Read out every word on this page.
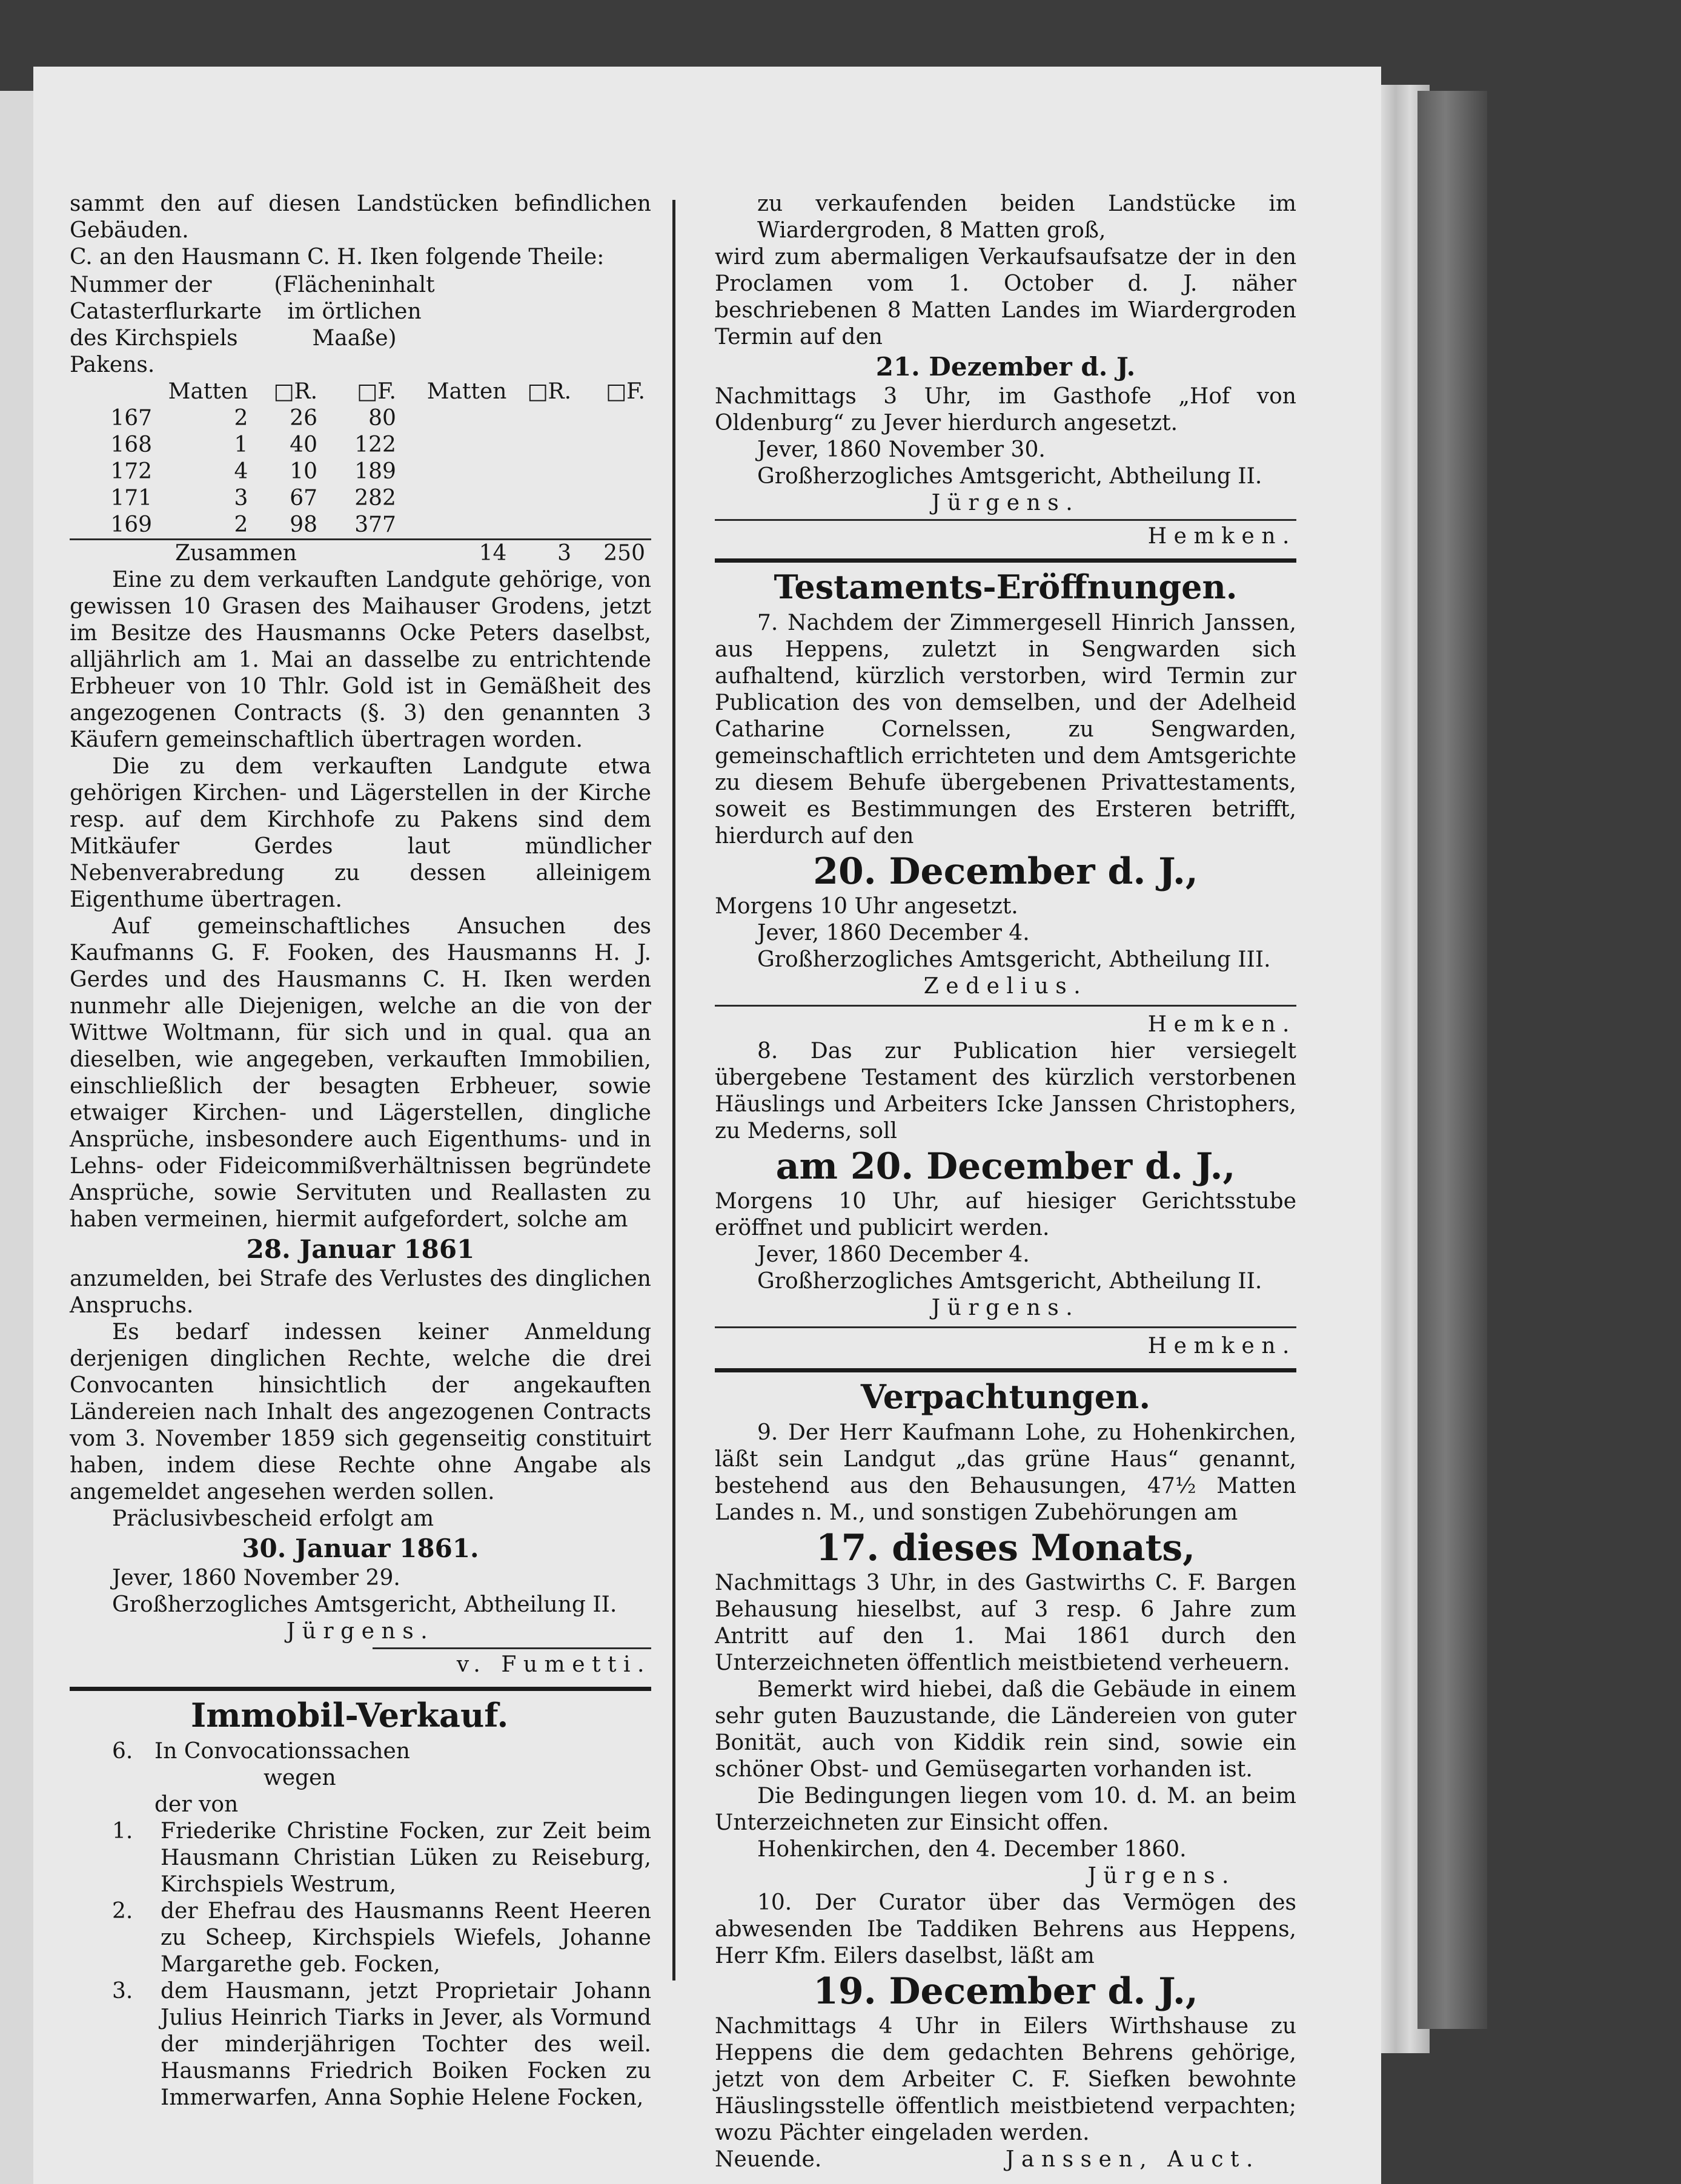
sammt den auf diesen Landstücken befindlichen Gebäuden.

C. an den Hausmann C. H. Iken folgende Theile:

Nummer der Catasterflurkarte des Kirchspiels Pakens.
(Flächeninhalt im örtlichen Maaße)
	Matten	□R.	□F.	Matten	□R.	□F.
167	2	26	80			
168	1	40	122			
172	4	10	189			
171	3	67	282			
169	2	98	377			
Zusammen				14	3	250

Eine zu dem verkauften Landgute gehörige, von gewissen 10 Grasen des Maihauser Grodens, jetzt im Besitze des Hausmanns Ocke Peters daselbst, alljährlich am 1. Mai an dasselbe zu entrichtende Erbheuer von 10 Thlr. Gold ist in Gemäßheit des angezogenen Contracts (§. 3) den genannten 3 Käufern gemeinschaftlich übertragen worden.

Die zu dem verkauften Landgute etwa gehörigen Kirchen- und Lägerstellen in der Kirche resp. auf dem Kirchhofe zu Pakens sind dem Mitkäufer Gerdes laut mündlicher Nebenverabredung zu dessen alleinigem Eigenthume übertragen.

Auf gemeinschaftliches Ansuchen des Kaufmanns G. F. Fooken, des Hausmanns H. J. Gerdes und des Hausmanns C. H. Iken werden nunmehr alle Diejenigen, welche an die von der Wittwe Woltmann, für sich und in qual. qua an dieselben, wie angegeben, verkauften Immobilien, einschließlich der besagten Erbheuer, sowie etwaiger Kirchen- und Lägerstellen, dingliche Ansprüche, insbesondere auch Eigenthums- und in Lehns- oder Fideicommißverhältnissen begründete Ansprüche, sowie Servituten und Reallasten zu haben vermeinen, hiermit aufgefordert, solche am

28. Januar 1861

anzumelden, bei Strafe des Verlustes des dinglichen Anspruchs.

Es bedarf indessen keiner Anmeldung derjenigen dinglichen Rechte, welche die drei Convocanten hinsichtlich der angekauften Ländereien nach Inhalt des angezogenen Contracts vom 3. November 1859 sich gegenseitig constituirt haben, indem diese Rechte ohne Angabe als angemeldet angesehen werden sollen.

Präclusivbescheid erfolgt am

30. Januar 1861.

Jever, 1860 November 29.

Großherzogliches Amtsgericht, Abtheilung II.

Jürgens.

v. Fumetti.

Immobil-Verkauf.
6. In Convocationssachen

wegen

der von

1.	Friederike Christine Focken, zur Zeit beim Hausmann Christian Lüken zu Reiseburg, Kirchspiels Westrum,
2.	der Ehefrau des Hausmanns Reent Heeren zu Scheep, Kirchspiels Wiefels, Johanne Margarethe geb. Focken,
3.	dem Hausmann, jetzt Proprietair Johann Julius Heinrich Tiarks in Jever, als Vormund der minderjährigen Tochter des weil. Hausmanns Friedrich Boiken Focken zu Immerwarfen, Anna Sophie Helene Focken,

zu verkaufenden beiden Landstücke im Wiardergroden, 8 Matten groß,

wird zum abermaligen Verkaufsaufsatze der in den Proclamen vom 1. October d. J. näher beschriebenen 8 Matten Landes im Wiardergroden Termin auf den

21. Dezember d. J.

Nachmittags 3 Uhr, im Gasthofe „Hof von Oldenburg“ zu Jever hierdurch angesetzt.

Jever, 1860 November 30.

Großherzogliches Amtsgericht, Abtheilung II.

Jürgens.

Hemken.

Testaments-Eröffnungen.

7. Nachdem der Zimmergesell Hinrich Janssen, aus Heppens, zuletzt in Sengwarden sich aufhaltend, kürzlich verstorben, wird Termin zur Publication des von demselben, und der Adelheid Catharine Cornelssen, zu Sengwarden, gemeinschaftlich errichteten und dem Amtsgerichte zu diesem Behufe übergebenen Privattestaments, soweit es Bestimmungen des Ersteren betrifft, hierdurch auf den

20. December d. J.,

Morgens 10 Uhr angesetzt.

Jever, 1860 December 4.

Großherzogliches Amtsgericht, Abtheilung III.

Zedelius.

Hemken.

8. Das zur Publication hier versiegelt übergebene Testament des kürzlich verstorbenen Häuslings und Arbeiters Icke Janssen Christophers, zu Mederns, soll

am 20. December d. J.,

Morgens 10 Uhr, auf hiesiger Gerichtsstube eröffnet und publicirt werden.

Jever, 1860 December 4.

Großherzogliches Amtsgericht, Abtheilung II.

Jürgens.

Hemken.

Verpachtungen.

9. Der Herr Kaufmann Lohe, zu Hohenkirchen, läßt sein Landgut „das grüne Haus“ genannt, bestehend aus den Behausungen, 47½ Matten Landes n. M., und sonstigen Zubehörungen am

17. dieses Monats,

Nachmittags 3 Uhr, in des Gastwirths C. F. Bargen Behausung hieselbst, auf 3 resp. 6 Jahre zum Antritt auf den 1. Mai 1861 durch den Unterzeichneten öffentlich meistbietend verheuern.

Bemerkt wird hiebei, daß die Gebäude in einem sehr guten Bauzustande, die Ländereien von guter Bonität, auch von Kiddik rein sind, sowie ein schöner Obst- und Gemüsegarten vorhanden ist.

Die Bedingungen liegen vom 10. d. M. an beim Unterzeichneten zur Einsicht offen.

Hohenkirchen, den 4. December 1860.

Jürgens.

10. Der Curator über das Vermögen des abwesenden Ibe Taddiken Behrens aus Heppens, Herr Kfm. Eilers daselbst, läßt am

19. December d. J.,

Nachmittags 4 Uhr in Eilers Wirthshause zu Heppens die dem gedachten Behrens gehörige, jetzt von dem Arbeiter C. F. Siefken bewohnte Häuslingsstelle öffentlich meistbietend verpachten; wozu Pächter eingeladen werden.

Neuende.	Janssen, Auct.
